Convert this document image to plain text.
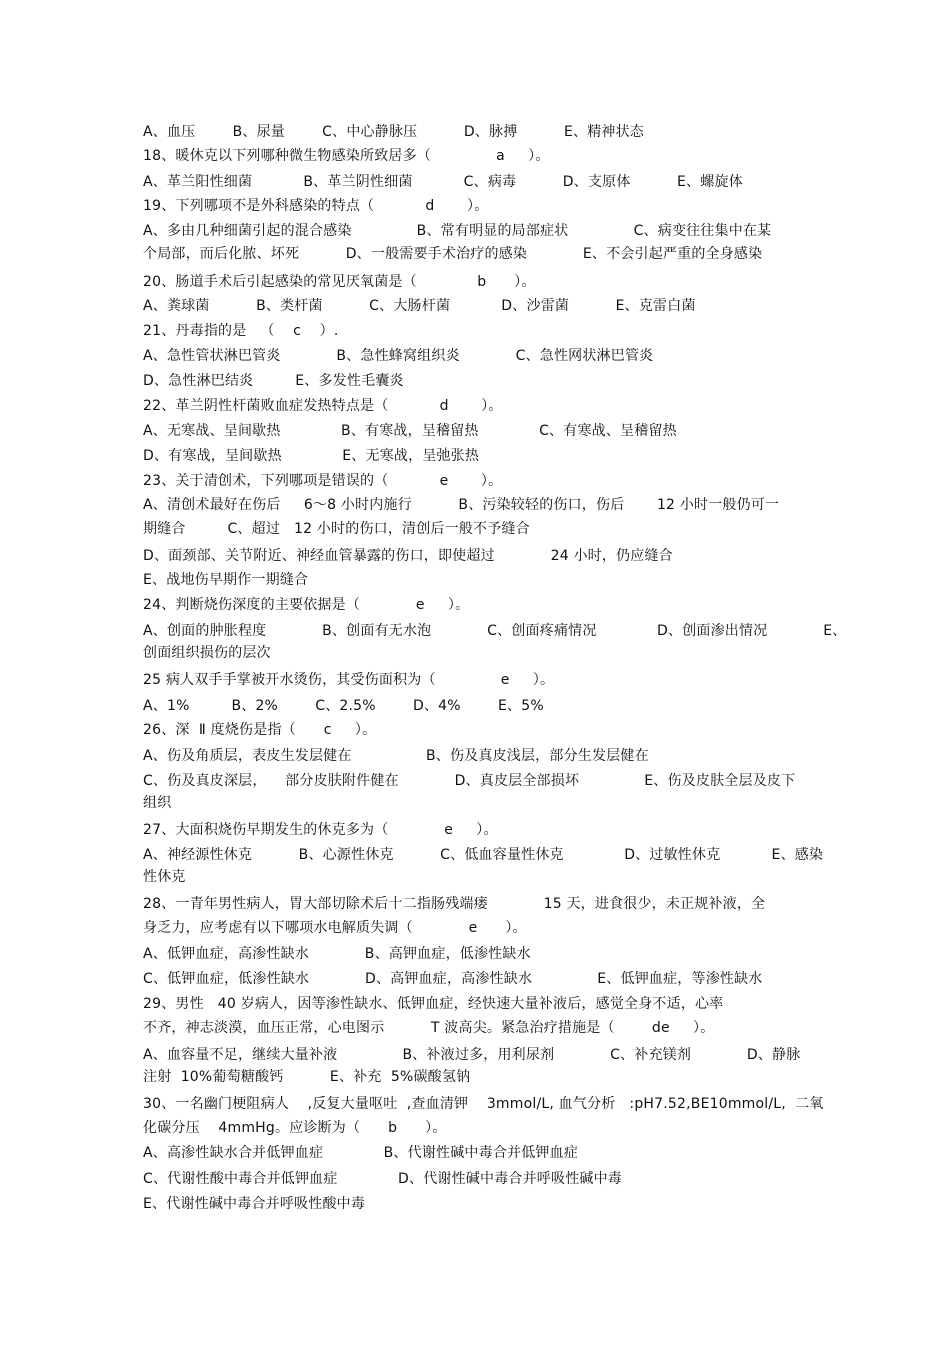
A、血压        B、尿量        C、中心静脉压          D、脉搏          E、精神状态
18、暖休克以下列哪种微生物感染所致居多（              a     ）。
A、革兰阳性细菌           B、革兰阴性细菌           C、病毒          D、支原体          E、螺旋体
19、下列哪项不是外科感染的特点（           d       ）。
A、多由几种细菌引起的混合感染              B、常有明显的局部症状              C、病变往往集中在某
个局部，而后化脓、坏死          D、一般需要手术治疗的感染            E、不会引起严重的全身感染
20、肠道手术后引起感染的常见厌氧菌是（             b      ）。
A、粪球菌          B、类杆菌          C、大肠杆菌           D、沙雷菌          E、克雷白菌
21、丹毒指的是   （    c    ）.
A、急性管状淋巴管炎            B、急性蜂窝组织炎            C、急性网状淋巴管炎
D、急性淋巴结炎         E、多发性毛囊炎
22、革兰阴性杆菌败血症发热特点是（           d       ）。
A、无寒战、呈间歇热             B、有寒战，呈稽留热             C、有寒战、呈稽留热
D、有寒战，呈间歇热             E、无寒战，呈弛张热
23、关于清创术，下列哪项是错误的（           e       ）。
A、清创术最好在伤后     6～8 小时内施行          B、污染较轻的伤口，伤后       12 小时一般仍可一
期缝合         C、超过   12 小时的伤口，清创后一般不予缝合
D、面颈部、关节附近、神经血管暴露的伤口，即使超过            24 小时，仍应缝合
E、战地伤早期作一期缝合
24、判断烧伤深度的主要依据是（            e     ）。
A、创面的肿胀程度            B、创面有无水泡            C、创面疼痛情况             D、创面渗出情况            E、
创面组织损伤的层次
25 病人双手手掌被开水烫伤，其受伤面积为（              e     ）。
A、1%         B、2%        C、2.5%        D、4%        E、5%
26、深  Ⅱ 度烧伤是指（      c     ）。
A、伤及角质层，表皮生发层健在                B、伤及真皮浅层，部分生发层健在
C、伤及真皮深层，    部分皮肤附件健在            D、真皮层全部损坏              E、伤及皮肤全层及皮下
组织
27、大面积烧伤早期发生的休克多为（            e     ）。
A、神经源性休克          B、心源性休克          C、低血容量性休克             D、过敏性休克           E、感染
性休克
28、一青年男性病人，胃大部切除术后十二指肠残端瘘            15 天，进食很少，未正规补液，全
身乏力，应考虑有以下哪项水电解质失调（            e      ）。
A、低钾血症，高渗性缺水            B、高钾血症，低渗性缺水
C、低钾血症，低渗性缺水            D、高钾血症，高渗性缺水              E、低钾血症，等渗性缺水
29、男性   40 岁病人，因等渗性缺水、低钾血症，经快速大量补液后，感觉全身不适，心率
不齐，神志淡漠，血压正常，心电图示          T 波高尖。紧急治疗措施是（        de     ）。
A、血容量不足，继续大量补液              B、补液过多，用利尿剂            C、补充镁剂            D、静脉
注射  10%葡萄糖酸钙          E、补充  5%碳酸氢钠
30、一名幽门梗阻病人    ,反复大量呕吐  ,查血清钾    3mmol/L, 血气分析   :pH7.52,BE10mmol/L,  二氧
化碳分压    4mmHg。应诊断为（      b      ）。
A、高渗性缺水合并低钾血症             B、代谢性碱中毒合并低钾血症
C、代谢性酸中毒合并低钾血症             D、代谢性碱中毒合并呼吸性碱中毒
E、代谢性碱中毒合并呼吸性酸中毒
